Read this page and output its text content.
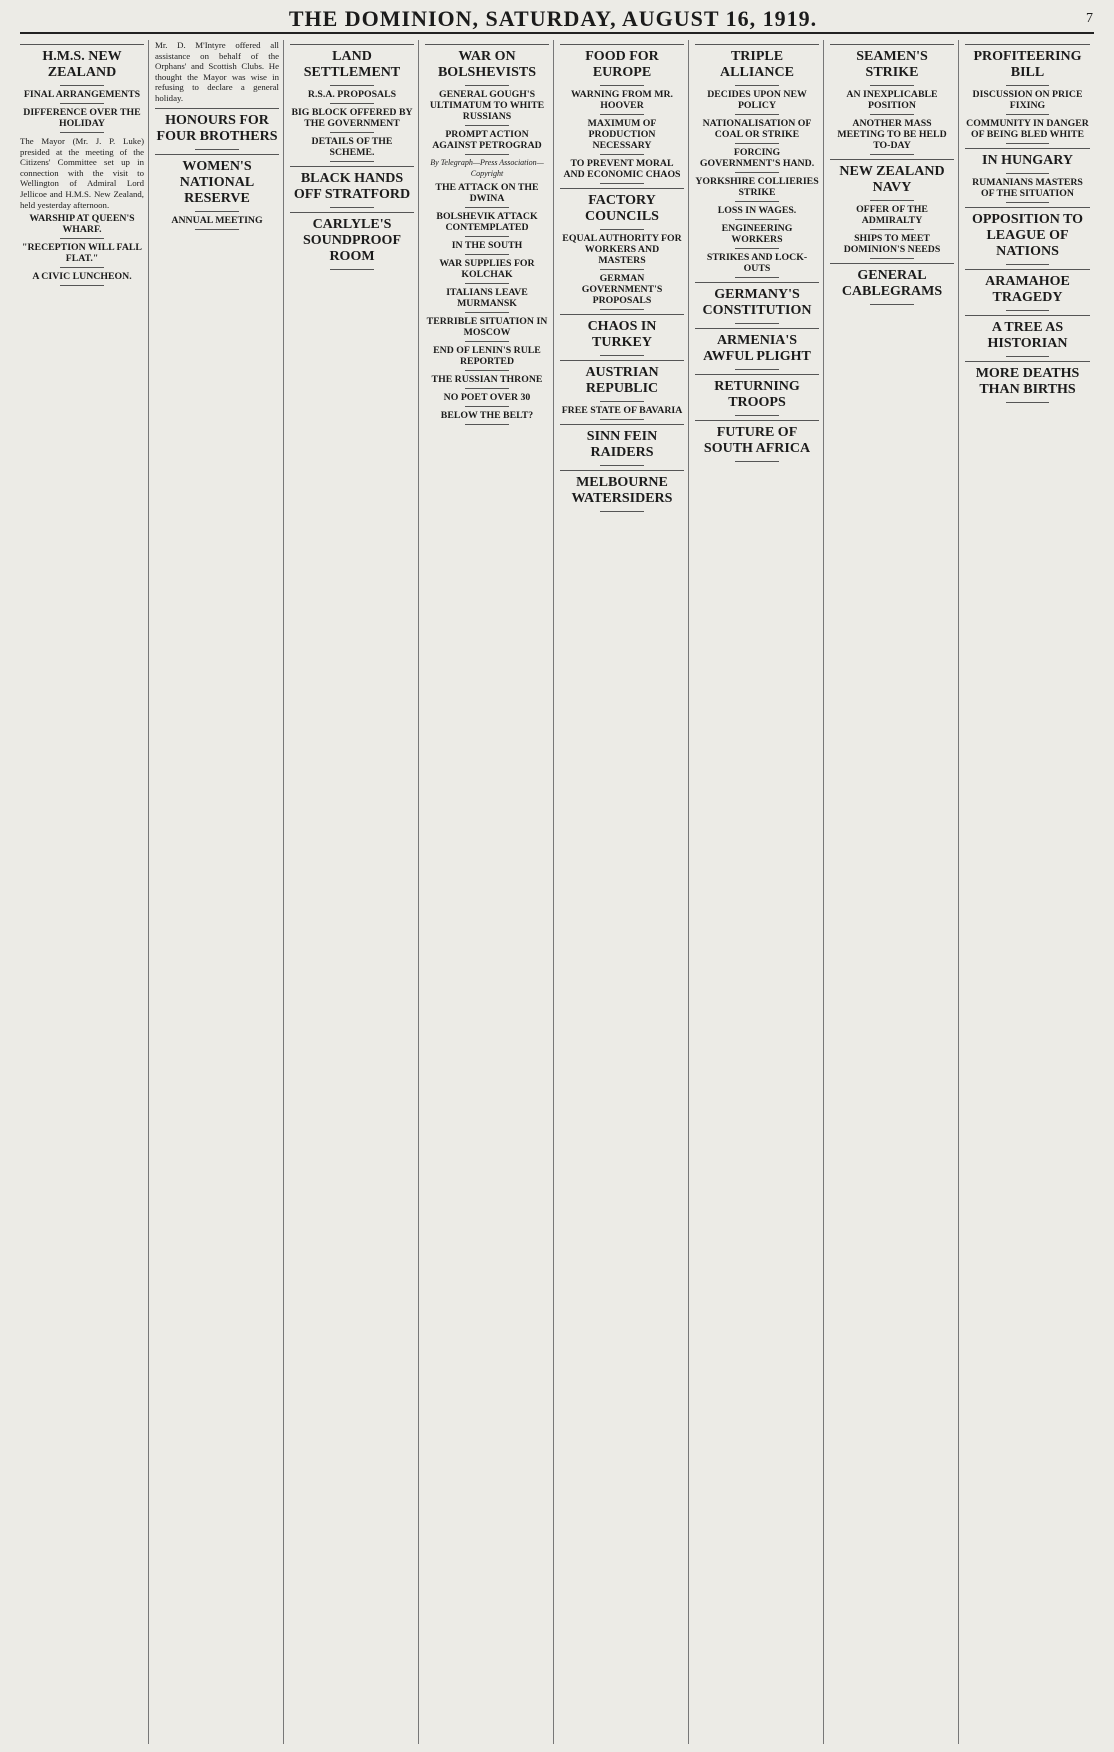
THE DOMINION, SATURDAY, AUGUST 16, 1919.	7
H.M.S. NEW ZEALAND
FINAL ARRANGEMENTS
DIFFERENCE OVER THE HOLIDAY
The Mayor (Mr. J. P. Luke) presided at the meeting of the Citizens' Committee set up in connection with the visit to Wellington of Admiral Lord Jellicoe and H.M.S. New Zealand, held yesterday afternoon.
WARSHIP AT QUEEN'S WHARF.
"RECEPTION WILL FALL FLAT."
A CIVIC LUNCHEON.
Mr. D. M'Intyre offered all assistance on behalf of the Orphans' and Scottish Clubs. He thought the Mayor was wise in refusing to declare a general holiday.
HONOURS FOR FOUR BROTHERS
WOMEN'S NATIONAL RESERVE
ANNUAL MEETING
LAND SETTLEMENT
R.S.A. PROPOSALS
BIG BLOCK OFFERED BY THE GOVERNMENT
DETAILS OF THE SCHEME.
BLACK HANDS OFF STRATFORD
CARLYLE'S SOUNDPROOF ROOM
WAR ON BOLSHEVISTS
GENERAL GOUGH'S ULTIMATUM TO WHITE RUSSIANS
PROMPT ACTION AGAINST PETROGRAD
By Telegraph—Press Association—Copyright
THE ATTACK ON THE DWINA
BOLSHEVIK ATTACK CONTEMPLATED
IN THE SOUTH
WAR SUPPLIES FOR KOLCHAK
ITALIANS LEAVE MURMANSK
TERRIBLE SITUATION IN MOSCOW
END OF LENIN'S RULE REPORTED
THE RUSSIAN THRONE
NO POET OVER 30
BELOW THE BELT?
FOOD FOR EUROPE
WARNING FROM MR. HOOVER
MAXIMUM OF PRODUCTION NECESSARY
TO PREVENT MORAL AND ECONOMIC CHAOS
FACTORY COUNCILS
EQUAL AUTHORITY FOR WORKERS AND MASTERS
GERMAN GOVERNMENT'S PROPOSALS
CHAOS IN TURKEY
AUSTRIAN REPUBLIC
FREE STATE OF BAVARIA
SINN FEIN RAIDERS
MELBOURNE WATERSIDERS
TRIPLE ALLIANCE
DECIDES UPON NEW POLICY
NATIONALISATION OF COAL OR STRIKE
FORCING GOVERNMENT'S HAND.
YORKSHIRE COLLIERIES STRIKE
LOSS IN WAGES.
ENGINEERING WORKERS
STRIKES AND LOCK-OUTS
GERMANY'S CONSTITUTION
ARMENIA'S AWFUL PLIGHT
RETURNING TROOPS
FUTURE OF SOUTH AFRICA
SEAMEN'S STRIKE
AN INEXPLICABLE POSITION
ANOTHER MASS MEETING TO BE HELD TO-DAY
NEW ZEALAND NAVY
OFFER OF THE ADMIRALTY
SHIPS TO MEET DOMINION'S NEEDS
GENERAL CABLEGRAMS
PROFITEERING BILL
DISCUSSION ON PRICE FIXING
COMMUNITY IN DANGER OF BEING BLED WHITE
IN HUNGARY
RUMANIANS MASTERS OF THE SITUATION
OPPOSITION TO LEAGUE OF NATIONS
ARAMAHOE TRAGEDY
A TREE AS HISTORIAN
MORE DEATHS THAN BIRTHS
